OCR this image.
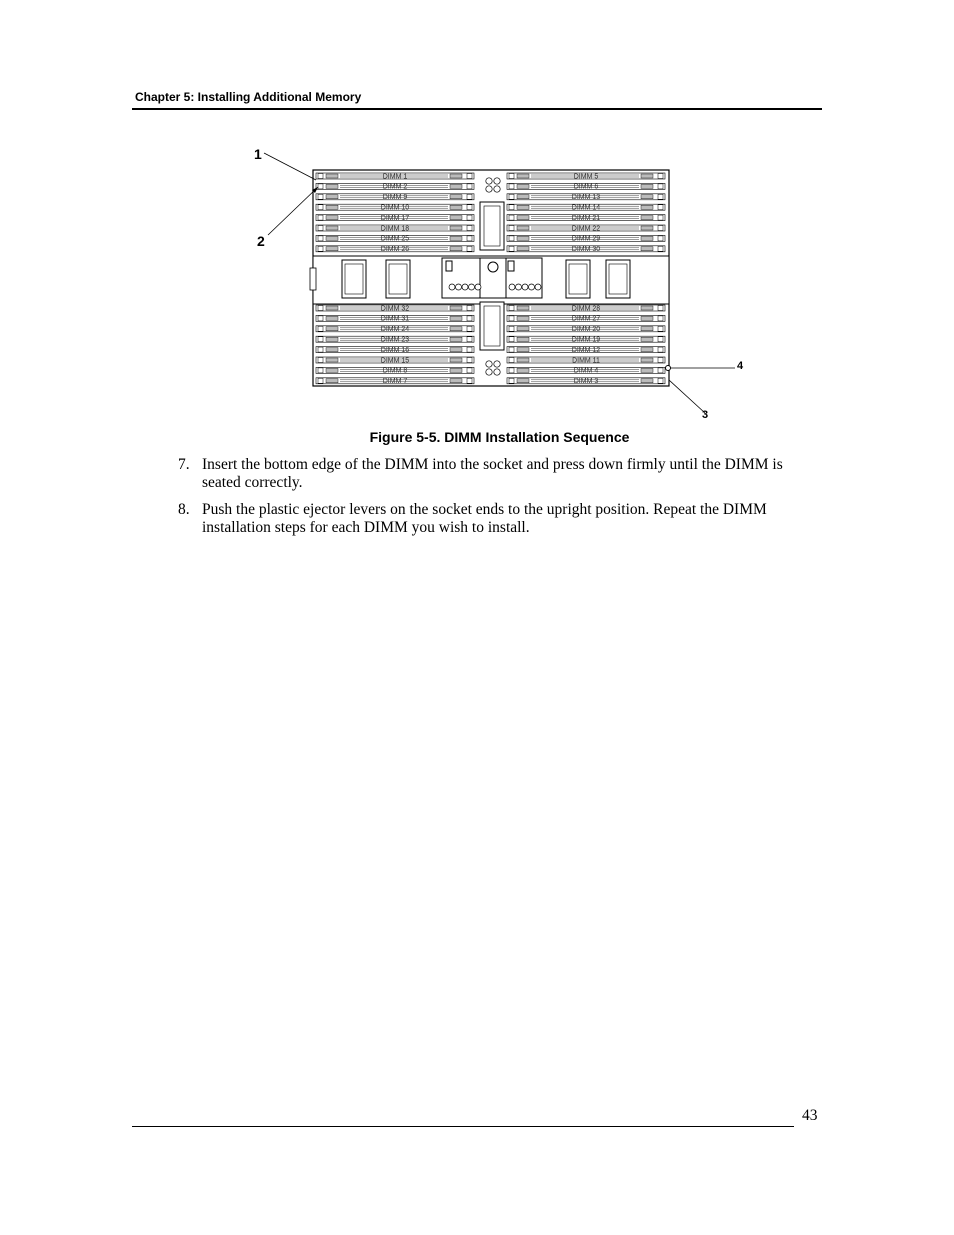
Chapter 5: Installing Additional Memory
DIMM 1
DIMM 2
DIMM 9
DIMM 10
DIMM 17
DIMM 18
DIMM 25
DIMM 26
DIMM 5
DIMM 6
DIMM 13
DIMM 14
DIMM 21
DIMM 22
DIMM 29
DIMM 30
DIMM 32
DIMM 31
DIMM 24
DIMM 23
DIMM 16
DIMM 15
DIMM 8
DIMM 7
DIMM 28
DIMM 27
DIMM 20
DIMM 19
DIMM 12
DIMM 11
DIMM 4
DIMM 3
1
2
3
4
Figure 5-5. DIMM Installation Sequence
7. Insert the bottom edge of the DIMM into the socket and press down firmly until the DIMM is seated correctly.
8. Push the plastic ejector levers on the socket ends to the upright position. Repeat the DIMM installation steps for each DIMM you wish to install.
43
